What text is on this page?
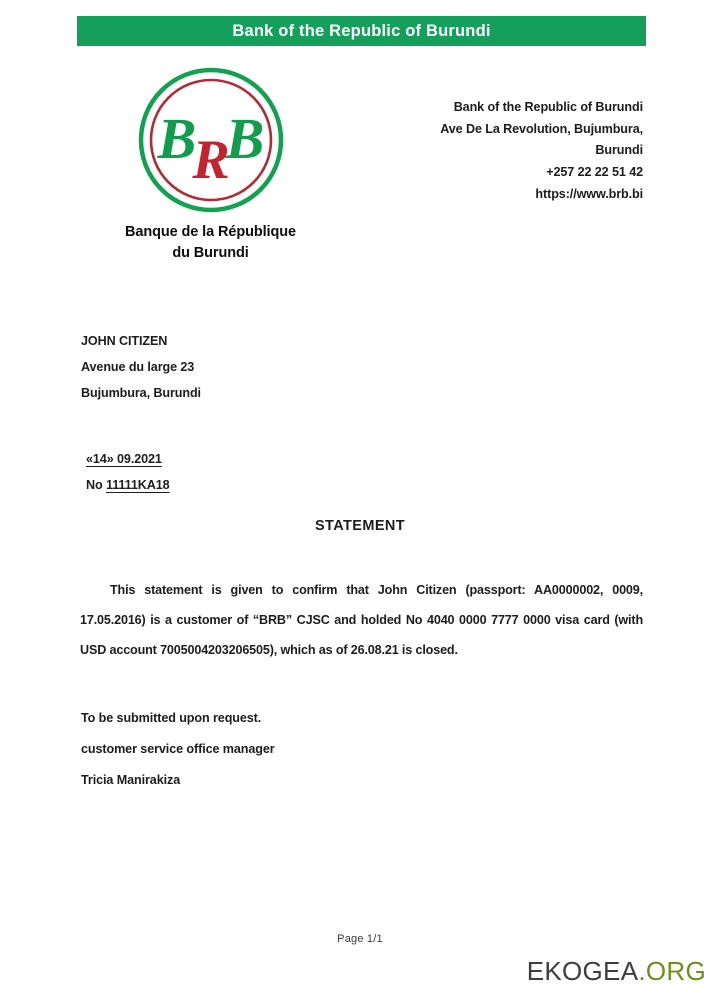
Bank of the Republic of Burundi
B B
R
Banque de la République
du Burundi
Bank of the Republic of Burundi
Ave De La Revolution, Bujumbura,
Burundi
+257 22 22 51 42
https://www.brb.bi
JOHN CITIZEN
Avenue du large 23
Bujumbura, Burundi
«14» 09.2021
No 11111KA18
STATEMENT
This statement is given to confirm that John Citizen (passport: AA0000002, 0009, 17.05.2016) is a customer of “BRB” CJSC and holded No 4040 0000 7777 0000 visa card (with USD account 7005004203206505), which as of 26.08.21 is closed.
To be submitted upon request.
customer service office manager
Tricia Manirakiza
Page 1/1
EKOGEA.ORG
